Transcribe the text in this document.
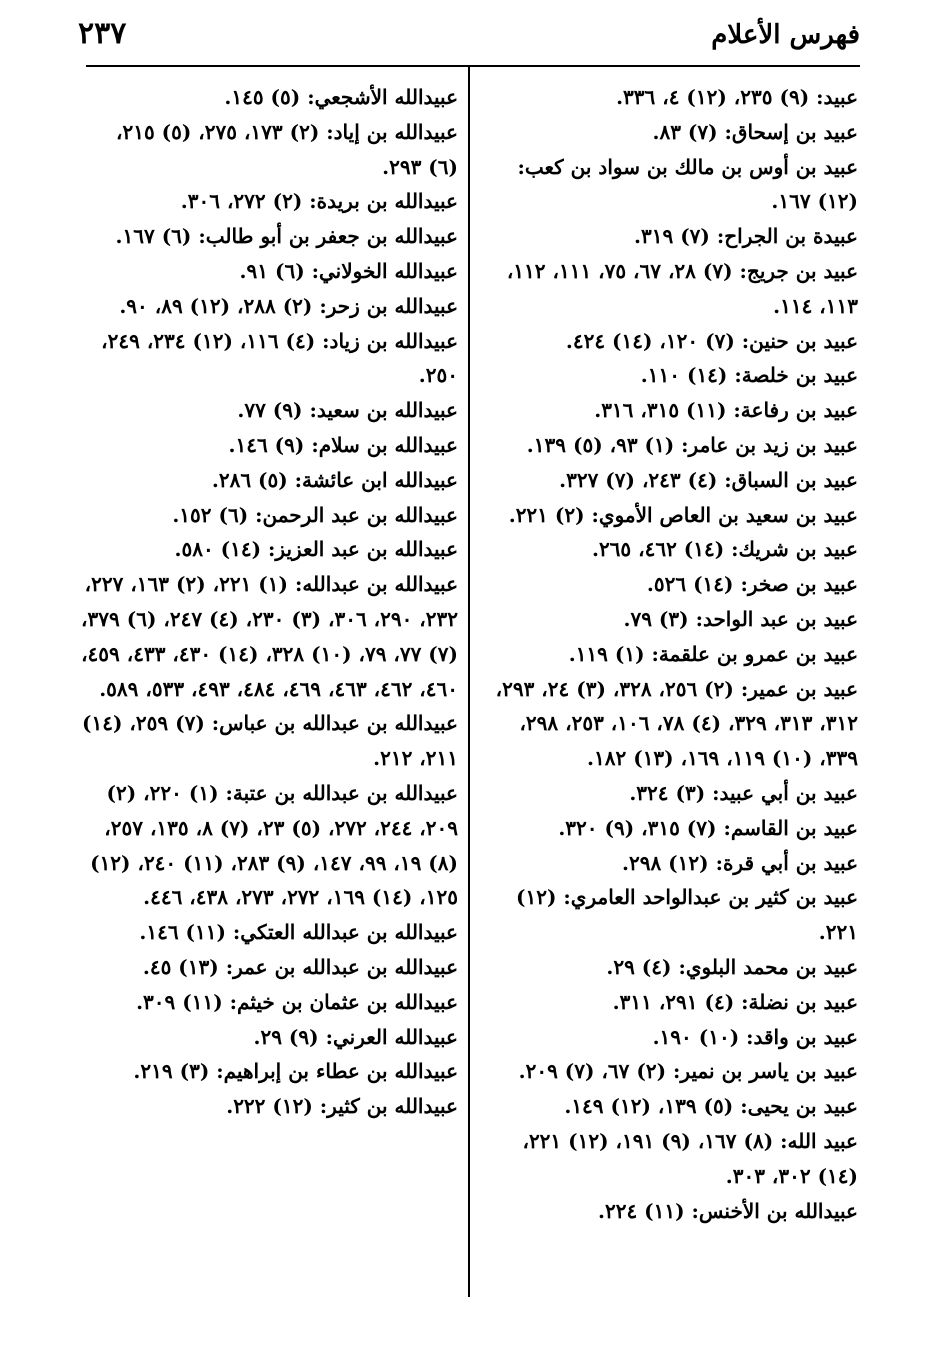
٢٣٧	فهرس الأعلام

عبيد: (٩) ٢٣٥، (١٢) ٤، ٣٣٦.

عبيد بن إسحاق: (٧) ٨٣.

عبيد بن أوس بن مالك بن سواد بن كعب: (١٢) ١٦٧.

عبيدة بن الجراح: (٧) ٣١٩.

عبيد بن جريج: (٧) ٢٨، ٦٧، ٧٥، ١١١، ١١٢، ١١٣، ١١٤.

عبيد بن حنين: (٧) ١٢٠، (١٤) ٤٢٤.

عبيد بن خلصة: (١٤) ١١٠.

عبيد بن رفاعة: (١١) ٣١٥، ٣١٦.

عبيد بن زيد بن عامر: (١) ٩٣، (٥) ١٣٩.

عبيد بن السباق: (٤) ٢٤٣، (٧) ٣٢٧.

عبيد بن سعيد بن العاص الأموي: (٢) ٢٢١.

عبيد بن شريك: (١٤) ٤٦٢، ٢٦٥.

عبيد بن صخر: (١٤) ٥٢٦.

عبيد بن عبد الواحد: (٣) ٧٩.

عبيد بن عمرو بن علقمة: (١) ١١٩.

عبيد بن عمير: (٢) ٢٥٦، ٣٢٨، (٣) ٢٤، ٢٩٣، ٣١٢، ٣١٣، ٣٢٩، (٤) ٧٨، ١٠٦، ٢٥٣، ٢٩٨، ٣٣٩، (١٠) ١١٩، ١٦٩، (١٣) ١٨٢.

عبيد بن أبي عبيد: (٣) ٣٢٤.

عبيد بن القاسم: (٧) ٣١٥، (٩) ٣٢٠.

عبيد بن أبي قرة: (١٢) ٢٩٨.

عبيد بن كثير بن عبدالواحد العامري: (١٢) ٢٢١.

عبيد بن محمد البلوي: (٤) ٢٩.

عبيد بن نضلة: (٤) ٢٩١، ٣١١.

عبيد بن واقد: (١٠) ١٩٠.

عبيد بن ياسر بن نمير: (٢) ٦٧، (٧) ٢٠٩.

عبيد بن يحيى: (٥) ١٣٩، (١٢) ١٤٩.

عبيد الله: (٨) ١٦٧، (٩) ١٩١، (١٢) ٢٢١، (١٤) ٣٠٢، ٣٠٣.

عبيدالله بن الأخنس: (١١) ٢٢٤.

عبيدالله الأشجعي: (٥) ١٤٥.

عبيدالله بن إياد: (٢) ١٧٣، ٢٧٥، (٥) ٢١٥، (٦) ٢٩٣.

عبيدالله بن بريدة: (٢) ٢٧٢، ٣٠٦.

عبيدالله بن جعفر بن أبو طالب: (٦) ١٦٧.

عبيدالله الخولاني: (٦) ٩١.

عبيدالله بن زحر: (٢) ٢٨٨، (١٢) ٨٩، ٩٠.

عبيدالله بن زياد: (٤) ١١٦، (١٢) ٢٣٤، ٢٤٩، ٢٥٠.

عبيدالله بن سعيد: (٩) ٧٧.

عبيدالله بن سلام: (٩) ١٤٦.

عبيدالله ابن عائشة: (٥) ٢٨٦.

عبيدالله بن عبد الرحمن: (٦) ١٥٢.

عبيدالله بن عبد العزيز: (١٤) ٥٨٠.

عبيدالله بن عبدالله: (١) ٢٢١، (٢) ١٦٣، ٢٢٧، ٢٣٢، ٢٩٠، ٣٠٦، (٣) ٢٣٠، (٤) ٢٤٧، (٦) ٣٧٩، (٧) ٧٧، ٧٩، (١٠) ٣٢٨، (١٤) ٤٣٠، ٤٣٣، ٤٥٩، ٤٦٠، ٤٦٢، ٤٦٣، ٤٦٩، ٤٨٤، ٤٩٣، ٥٣٣، ٥٨٩.

عبيدالله بن عبدالله بن عباس: (٧) ٢٥٩، (١٤) ٢١١، ٢١٢.

عبيدالله بن عبدالله بن عتبة: (١) ٢٢٠، (٢) ٢٠٩، ٢٤٤، ٢٧٢، (٥) ٢٣، (٧) ٨، ١٣٥، ٢٥٧، (٨) ١٩، ٩٩، ١٤٧، (٩) ٢٨٣، (١١) ٢٤٠، (١٢) ١٢٥، (١٤) ١٦٩، ٢٧٢، ٢٧٣، ٤٣٨، ٤٤٦.

عبيدالله بن عبدالله العتكي: (١١) ١٤٦.

عبيدالله بن عبدالله بن عمر: (١٣) ٤٥.

عبيدالله بن عثمان بن خيثم: (١١) ٣٠٩.

عبيدالله العرني: (٩) ٢٩.

عبيدالله بن عطاء بن إبراهيم: (٣) ٢١٩.

عبيدالله بن كثير: (١٢) ٢٢٢.
